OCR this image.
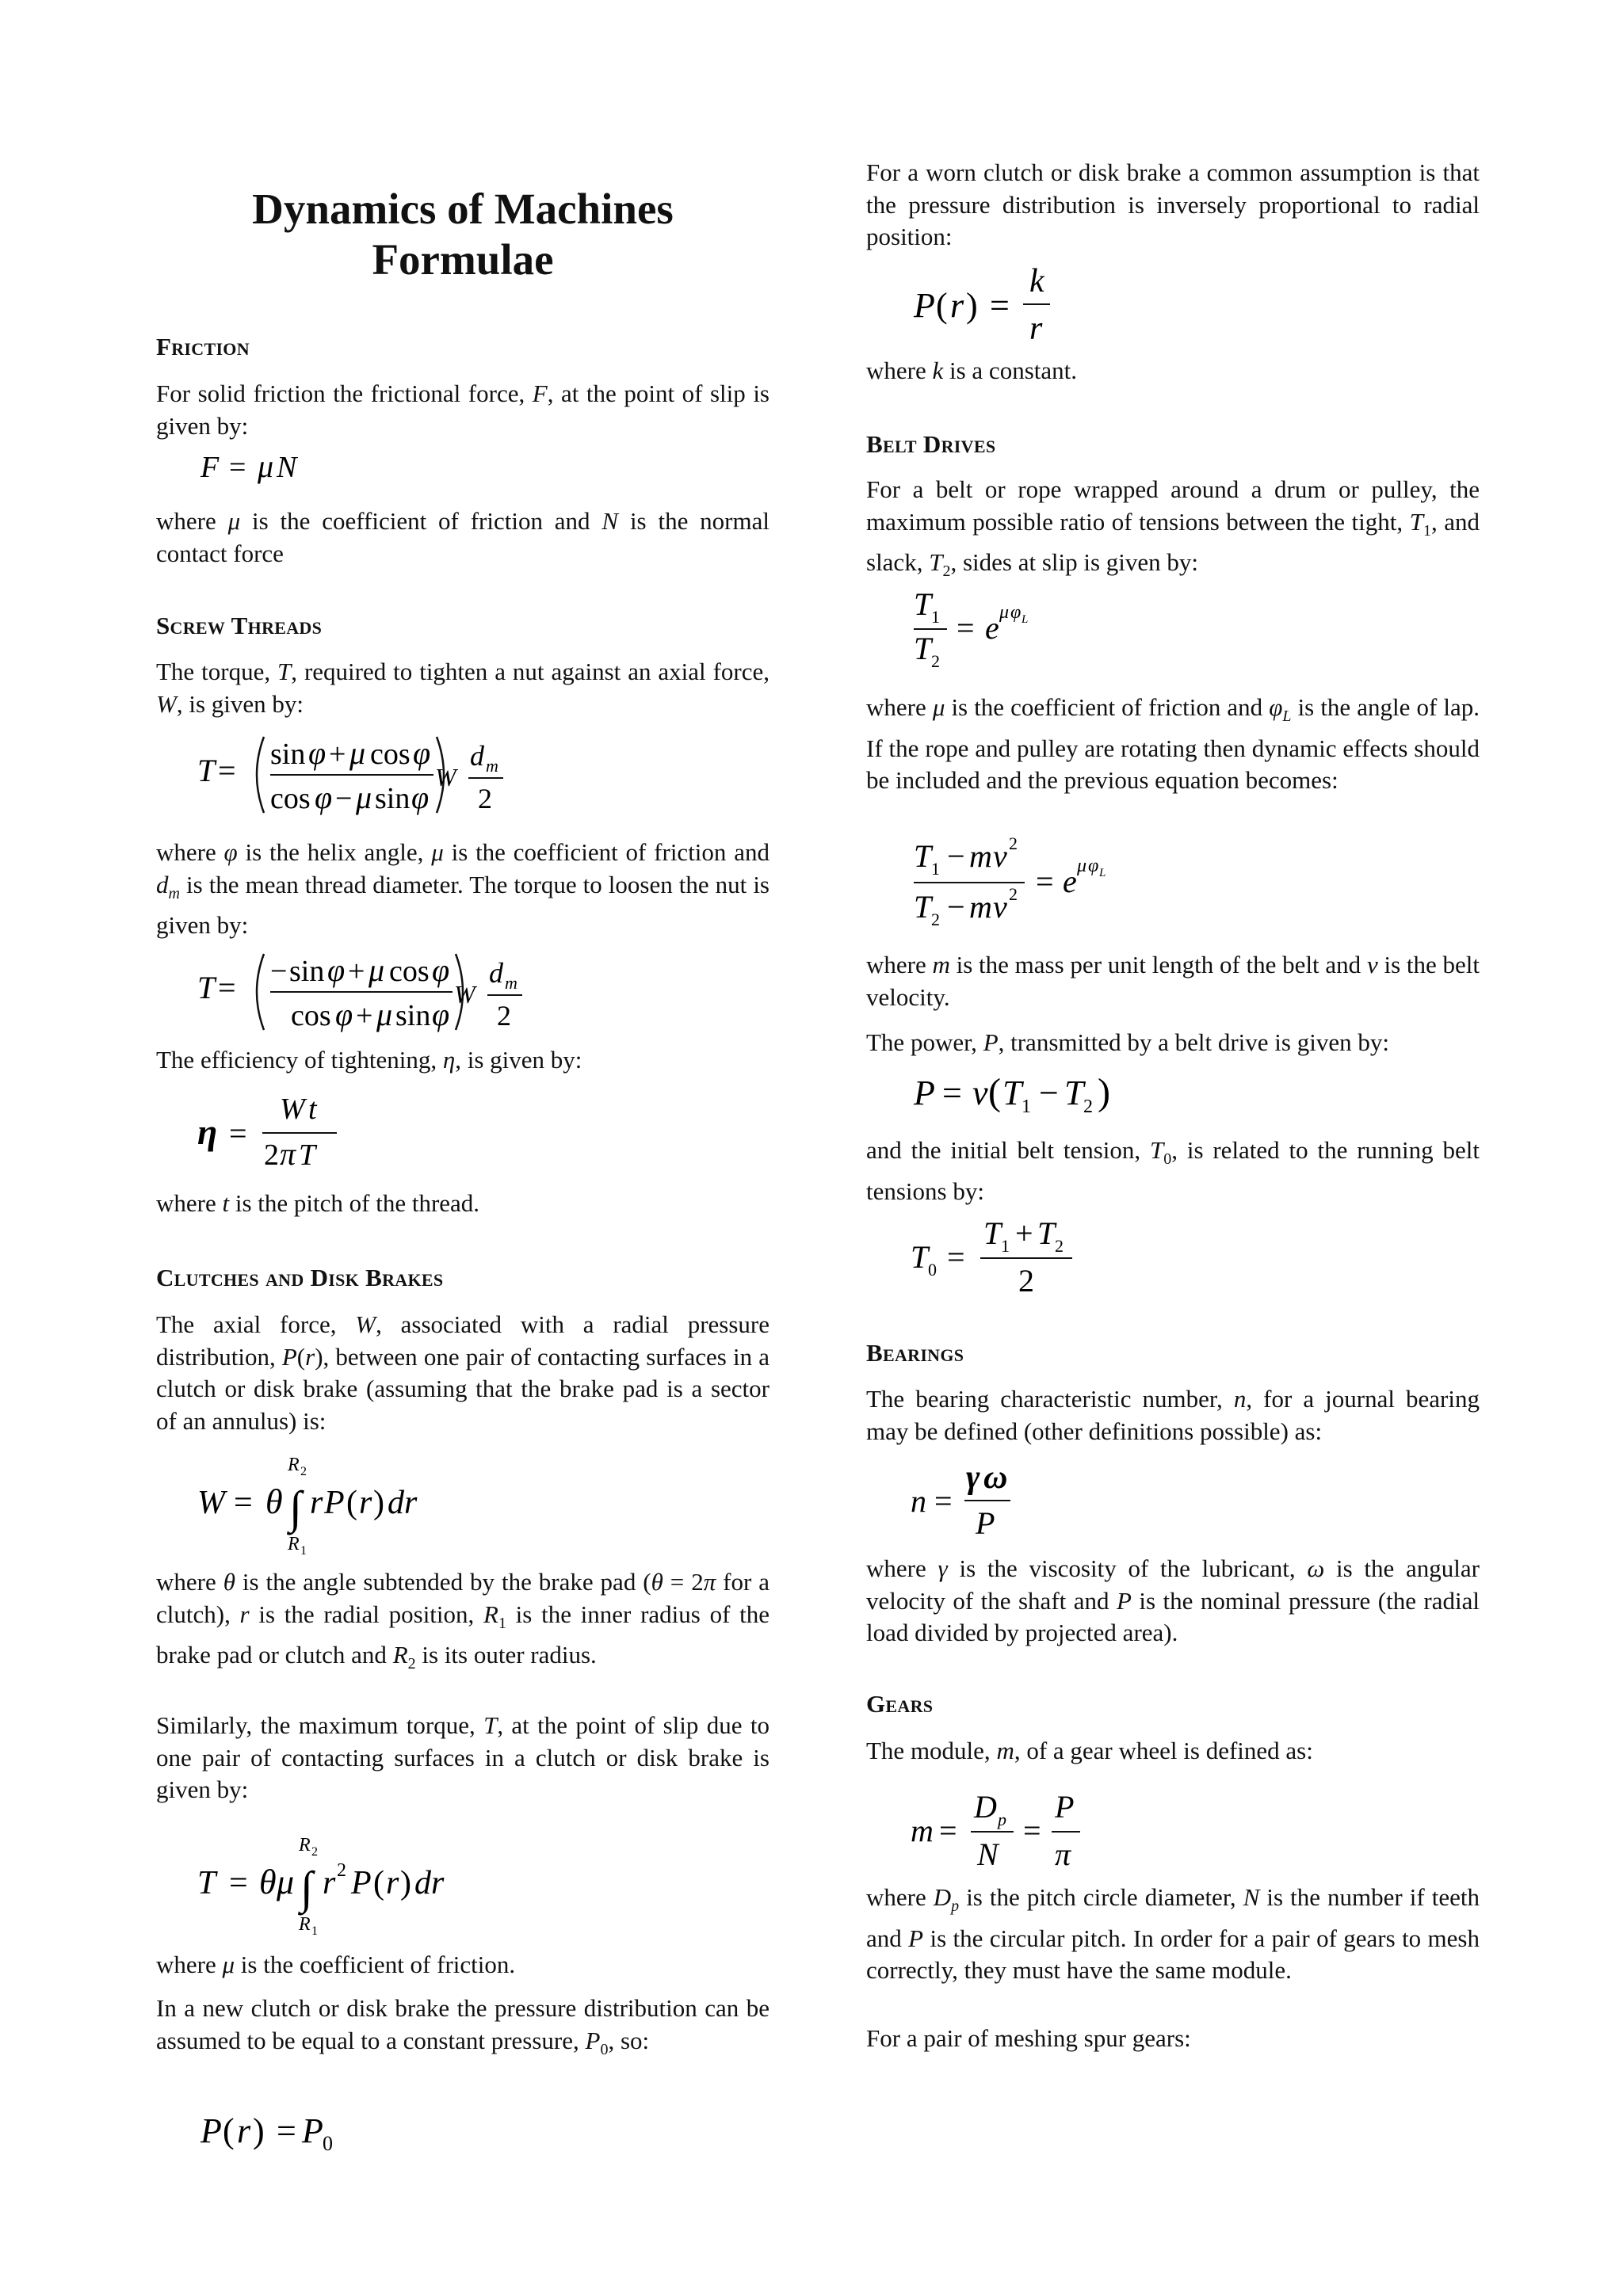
Dynamics of Machines
Formulae
Friction

For solid friction the frictional force, F, at the point of slip is given by:

F = μ N

where μ is the coefficient of friction and N is the normal contact force

Screw Threads

The torque, T, required to tighten a nut against an axial force, W, is given by:

T = sin φ + μ cos φ
cos φ − μ sin φ
W
d m
2

where φ is the helix angle, μ is the coefficient of friction and $d_m$ is the mean thread diameter. The torque to loosen the nut is given by:

T = − sin φ + μ cos φ
cos φ + μ sin φ
W
d m
2

The efficiency of tightening, η, is given by:

η =
W t
2 π T

where t is the pitch of the thread.

Clutches and Disk Brakes

The axial force, W, associated with a radial pressure distribution, P(r), between one pair of contacting surfaces in a clutch or disk brake (assuming that the brake pad is a sector of an annulus) is:

W = θ
R 2
∫
R 1
r P ( r ) dr

where θ is the angle subtended by the brake pad (θ = 2π for a clutch), r is the radial position, $R_1$ is the inner radius of the brake pad or clutch and $R_2$ is its outer radius.

Similarly, the maximum torque, T, at the point of slip due to one pair of contacting surfaces in a clutch or disk brake is given by:

T = θ μ
R 2
∫
R 1
r 2 P ( r ) dr

where μ is the coefficient of friction.

In a new clutch or disk brake the pressure distribution can be assumed to be equal to a constant pressure, $P_0$, so:

P ( r ) = P 0

For a worn clutch or disk brake a common assumption is that the pressure distribution is inversely proportional to radial position:

P ( r ) =
k
r

where k is a constant.

Belt Drives

For a belt or rope wrapped around a drum or pulley, the maximum possible ratio of tensions between the tight, $T_1$, and slack, $T_2$, sides at slip is given by:

T 1
T 2
= e μ φ L

where μ is the coefficient of friction and $\varphi_L$ is the angle of lap. If the rope and pulley are rotating then dynamic effects should be included and the previous equation becomes:

T 1 − m v 2
T 2 − m v 2 = e μ φ L

where m is the mass per unit length of the belt and v is the belt velocity.

The power, P, transmitted by a belt drive is given by:

P = v ( T 1 − T 2 )

and the initial belt tension, $T_0$, is related to the running belt tensions by:

T 0 =
T 1 + T 2
2
Bearings

The bearing characteristic number, n, for a journal bearing may be defined (other definitions possible) as:

n =
γ ω
P

where γ is the viscosity of the lubricant, ω is the angular velocity of the shaft and P is the nominal pressure (the radial load divided by projected area).

Gears

The module, m, of a gear wheel is defined as:

m =
D p
N
=
P
π

where $D_p$ is the pitch circle diameter, N is the number if teeth and P is the circular pitch. In order for a pair of gears to mesh correctly, they must have the same module.

For a pair of meshing spur gears:
